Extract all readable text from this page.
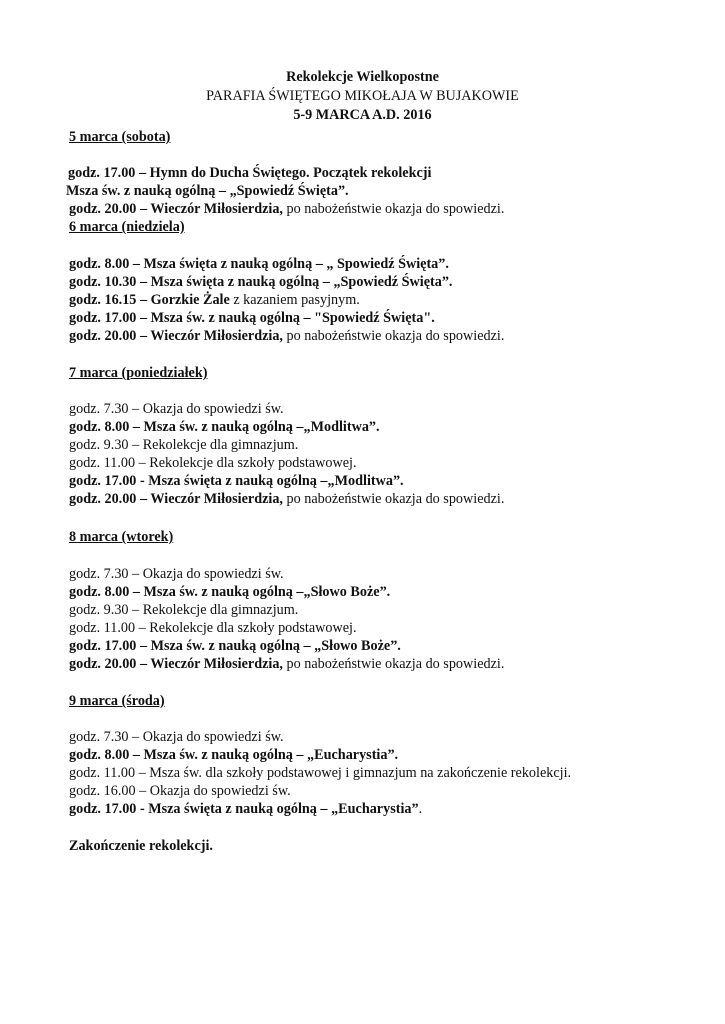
Rekolekcje Wielkopostne
PARAFIA ŚWIĘTEGO MIKOŁAJA W BUJAKOWIE
5-9 MARCA A.D. 2016
5 marca (sobota)
godz. 17.00 – Hymn do Ducha Świętego. Początek rekolekcji
Msza św. z nauką ogólną – „Spowiedź Święta”.
godz. 20.00 – Wieczór Miłosierdzia, po nabożeństwie okazja do spowiedzi.
6 marca (niedziela)
godz. 8.00 – Msza święta z nauką ogólną – „ Spowiedź Święta”.
godz. 10.30 – Msza święta z nauką ogólną – „Spowiedź Święta”.
godz. 16.15 – Gorzkie Żale z kazaniem pasyjnym.
godz. 17.00 – Msza św. z nauką ogólną – "Spowiedź Święta".
godz. 20.00 – Wieczór Miłosierdzia, po nabożeństwie okazja do spowiedzi.
7 marca (poniedziałek)
godz. 7.30 – Okazja do spowiedzi św.
godz. 8.00 – Msza św. z nauką ogólną –„Modlitwa”.
godz. 9.30 – Rekolekcje dla gimnazjum.
godz. 11.00 – Rekolekcje dla szkoły podstawowej.
godz. 17.00 - Msza święta z nauką ogólną –„Modlitwa”.
godz. 20.00 – Wieczór Miłosierdzia, po nabożeństwie okazja do spowiedzi.
8 marca (wtorek)
godz. 7.30 – Okazja do spowiedzi św.
godz. 8.00 – Msza św. z nauką ogólną –„Słowo Boże”.
godz. 9.30 – Rekolekcje dla gimnazjum.
godz. 11.00 – Rekolekcje dla szkoły podstawowej.
godz. 17.00 – Msza św. z nauką ogólną – „Słowo Boże”.
godz. 20.00 – Wieczór Miłosierdzia, po nabożeństwie okazja do spowiedzi.
9 marca (środa)
godz. 7.30 – Okazja do spowiedzi św.
godz. 8.00 – Msza św. z nauką ogólną – „Eucharystia”.
godz. 11.00 – Msza św. dla szkoły podstawowej i gimnazjum na zakończenie rekolekcji.
godz. 16.00 – Okazja do spowiedzi św.
godz. 17.00 - Msza święta z nauką ogólną – „Eucharystia”.
Zakończenie rekolekcji.
